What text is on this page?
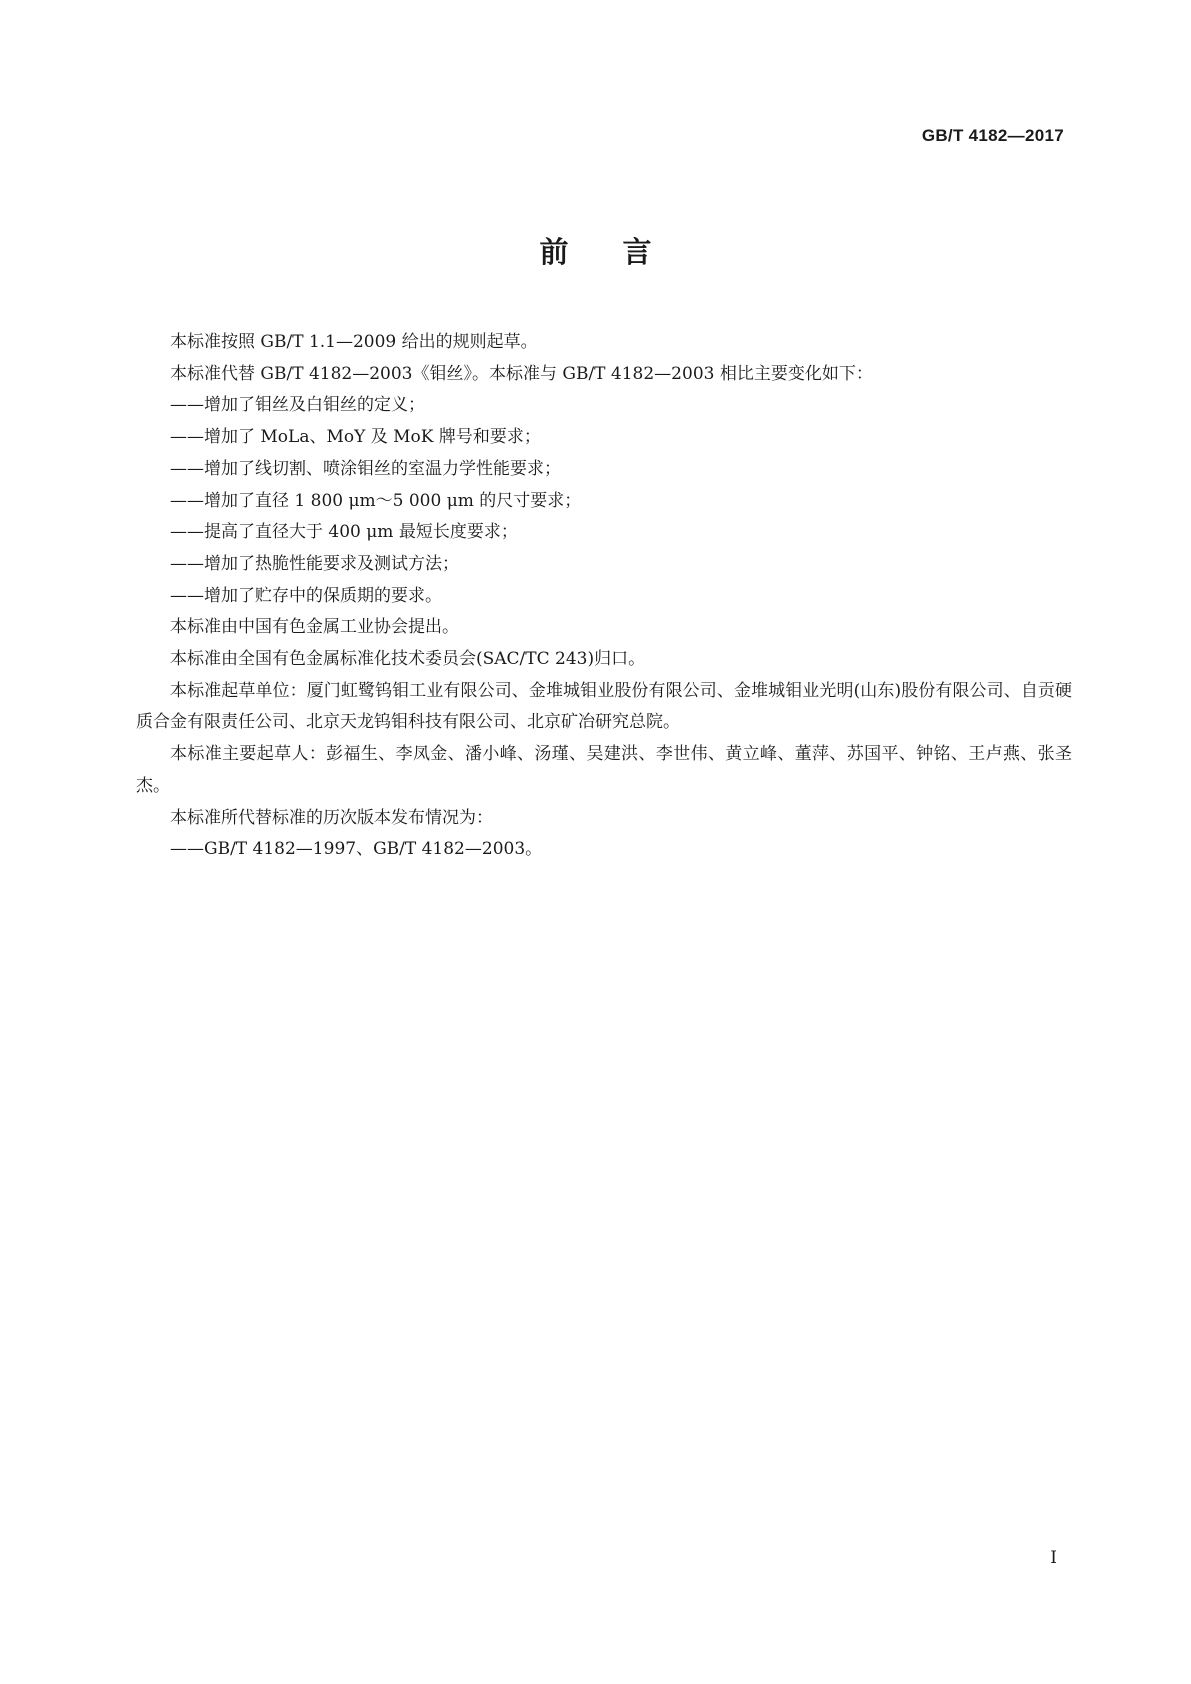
GB/T 4182—2017
前言

本标准按照 GB/T 1.1—2009 给出的规则起草。

本标准代替 GB/T 4182—2003《钼丝》。本标准与 GB/T 4182—2003 相比主要变化如下：

——增加了钼丝及白钼丝的定义；

——增加了 MoLa、MoY 及 MoK 牌号和要求；

——增加了线切割、喷涂钼丝的室温力学性能要求；

——增加了直径 1 800 μm～5 000 μm 的尺寸要求；

——提高了直径大于 400 μm 最短长度要求；

——增加了热脆性能要求及测试方法；

——增加了贮存中的保质期的要求。

本标准由中国有色金属工业协会提出。

本标准由全国有色金属标准化技术委员会(SAC/TC 243)归口。

本标准起草单位：厦门虹鹭钨钼工业有限公司、金堆城钼业股份有限公司、金堆城钼业光明(山东)股份有限公司、自贡硬质合金有限责任公司、北京天龙钨钼科技有限公司、北京矿冶研究总院。

本标准主要起草人：彭福生、李凤金、潘小峰、汤瑾、吴建洪、李世伟、黄立峰、董萍、苏国平、钟铭、王卢燕、张圣杰。

本标准所代替标准的历次版本发布情况为：

——GB/T 4182—1997、GB/T 4182—2003。

I
